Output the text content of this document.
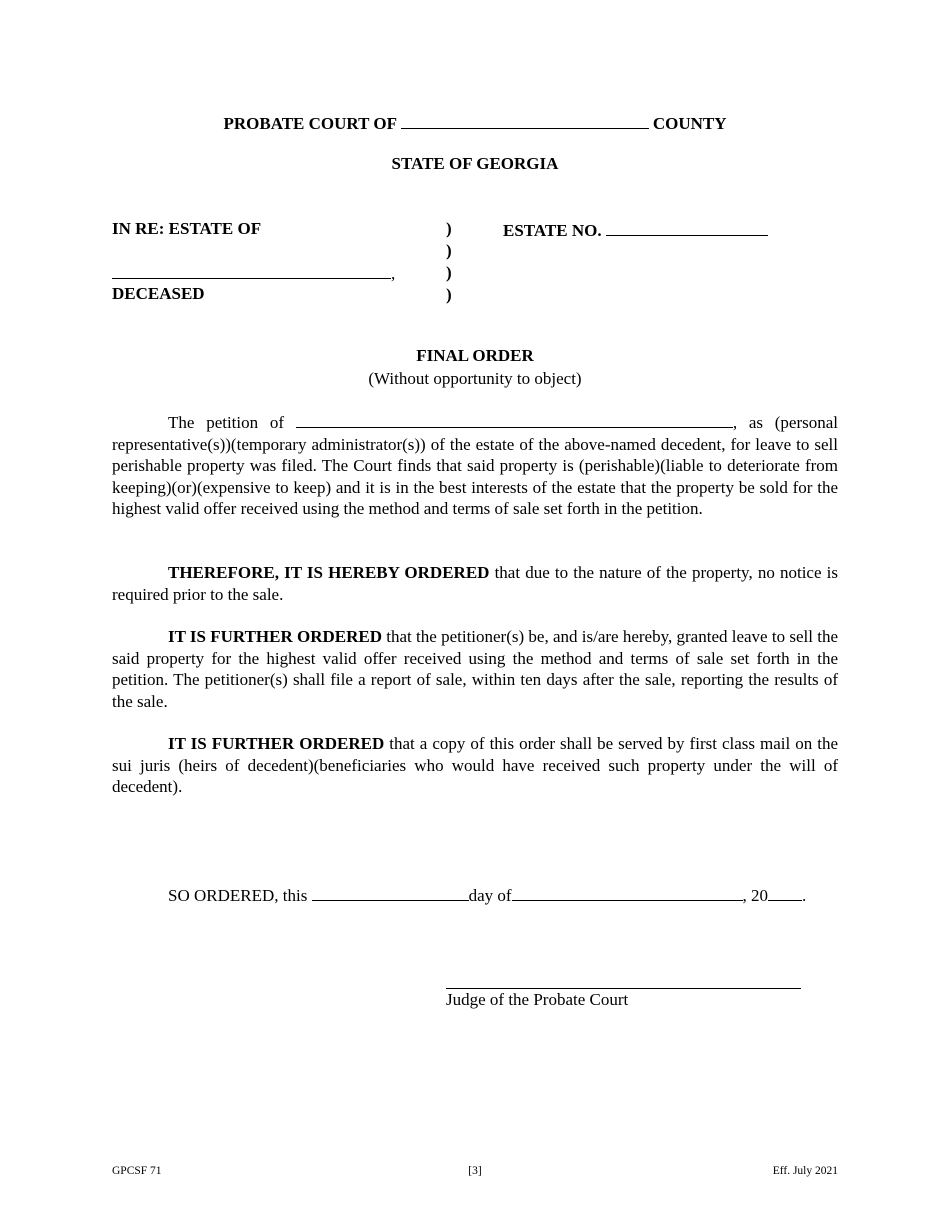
PROBATE COURT OF	COUNTY
STATE OF GEORGIA
IN RE: ESTATE OF
,
DECEASED
)
)
)
)
ESTATE NO.
FINAL ORDER
(Without opportunity to object)
The petition of	, as (personal representative(s))(temporary administrator(s)) of the estate of the above-named decedent, for leave to sell perishable property was filed. The Court finds that said property is (perishable)(liable to deteriorate from keeping)(or)(expensive to keep) and it is in the best interests of the estate that the property be sold for the highest valid offer received using the method and terms of sale set forth in the petition.
THEREFORE, IT IS HEREBY ORDERED that due to the nature of the property, no notice is required prior to the sale.
IT IS FURTHER ORDERED that the petitioner(s) be, and is/are hereby, granted leave to sell the said property for the highest valid offer received using the method and terms of sale set forth in the petition. The petitioner(s) shall file a report of sale, within ten days after the sale, reporting the results of the sale.
IT IS FURTHER ORDERED that a copy of this order shall be served by first class mail on the sui juris (heirs of decedent)(beneficiaries who would have received such property under the will of decedent).
SO ORDERED, this	day of	, 20 .
Judge of the Probate Court
GPCSF 71	[3]	Eff. July 2021
